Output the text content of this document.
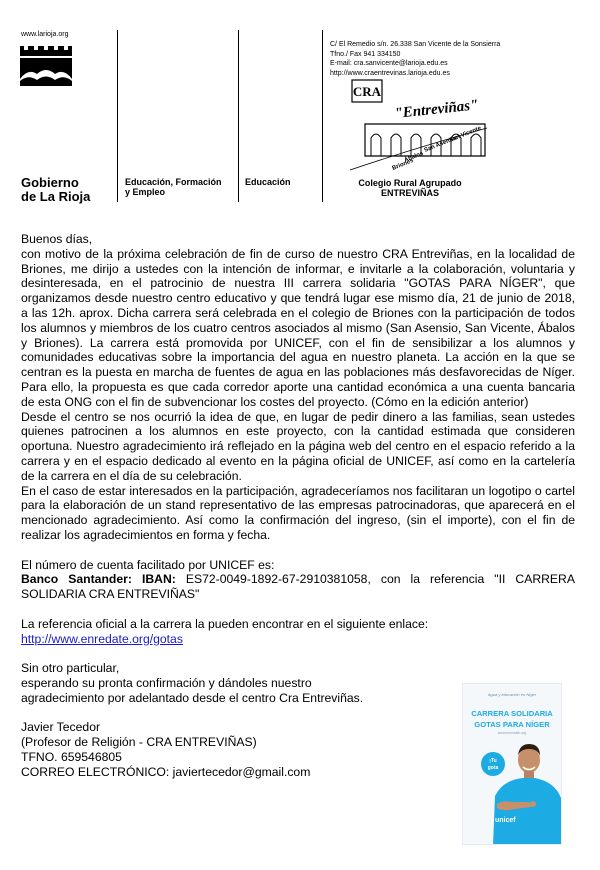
www.larioja.org
Gobierno
de La Rioja
Educación, Formación
y Empleo
Educación
C/ El Remedio s/n. 26.338 San Vicente de la Sonsierra
Tfno./ Fax 941 334150
E-mail: cra.sanvicente@larioja.edu.es
http://www.craentrevinas.larioja.edu.es
CRA
"Entreviñas"
Briones
Ábalos
San Asensio
San Vicente
Colegio Rural Agrupado
ENTREVIÑAS

Buenos días,

con motivo de la próxima celebración de fin de curso de nuestro CRA Entreviñas, en la localidad de Briones, me dirijo a ustedes con la intención de informar, e invitarle a la colaboración, voluntaria y desinteresada, en el patrocinio de nuestra III carrera solidaria "GOTAS PARA NÍGER", que organizamos desde nuestro centro educativo y que tendrá lugar ese mismo día, 21 de junio de 2018, a las 12h. aprox. Dicha carrera será celebrada en el colegio de Briones con la participación de todos los alumnos y miembros de los cuatro centros asociados al mismo (San Asensio, San Vicente, Ábalos y Briones). La carrera está promovida por UNICEF, con el fin de sensibilizar a los alumnos y comunidades educativas sobre la importancia del agua en nuestro planeta. La acción en la que se centran es la puesta en marcha de fuentes de agua en las poblaciones más desfavorecidas de Níger. Para ello, la propuesta es que cada corredor aporte una cantidad económica a una cuenta bancaria de esta ONG con el fin de subvencionar los costes del proyecto. (Cómo en la edición anterior)

Desde el centro se nos ocurrió la idea de que, en lugar de pedir dinero a las familias, sean ustedes quienes patrocinen a los alumnos en este proyecto, con la cantidad estimada que consideren oportuna. Nuestro agradecimiento irá reflejado en la página web del centro en el espacio referido a la carrera y en el espacio dedicado al evento en la página oficial de UNICEF, así como en la cartelería de la carrera en el día de su celebración.

En el caso de estar interesados en la participación, agradeceríamos nos facilitaran un logotipo o cartel para la elaboración de un stand representativo de las empresas patrocinadoras, que aparecerá en el mencionado agradecimiento. Así como la confirmación del ingreso, (sin el importe), con el fin de realizar los agradecimientos en forma y fecha.

El número de cuenta facilitado por UNICEF es:

Banco Santander: IBAN: ES72-0049-1892-67-2910381058, con la referencia "II CARRERA SOLIDARIA CRA ENTREVIÑAS"

La referencia oficial a la carrera la pueden encontrar en el siguiente enlace:

http://www.enredate.org/gotas

Sin otro particular,
esperando su pronta confirmación y dándoles nuestro
agradecimiento por adelantado desde el centro Cra Entreviñas.
Javier Tecedor
(Profesor de Religión - CRA ENTREVIÑAS)
TFNO. 659546805
CORREO ELECTRÓNICO: javiertecedor@gmail.com
¡Tu
gota
Agua y educación en Níger
CARRERA SOLIDARIA
GOTAS PARA NÍGER
www.enredate.org
unicef
